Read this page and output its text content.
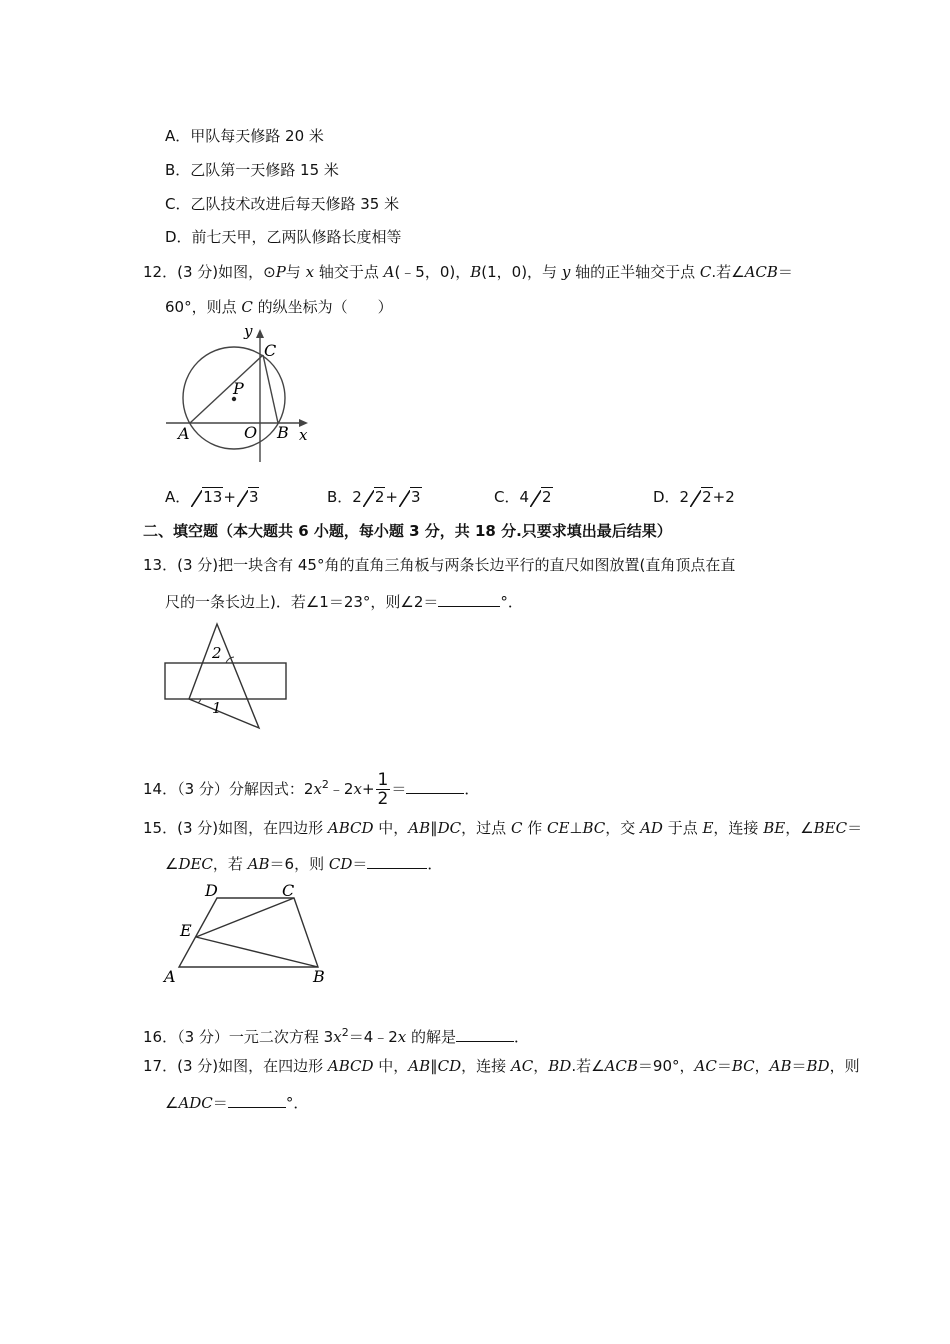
A．甲队每天修路 20 米
B．乙队第一天修路 15 米
C．乙队技术改进后每天修路 35 米
D．前七天甲，乙两队修路长度相等
12．(3 分)如图，⊙P与 x 轴交于点 A(﹣5，0)，B(1，0)，与 y 轴的正半轴交于点 C.若∠ACB＝
60°，则点 C 的纵坐标为（　　）
y
C
P
A	O B x
A． 13+ 3	B．2 2+ 3	C．4 2	D．2 2+2
二、填空题（本大题共 6 小题，每小题 3 分，共 18 分.只要求填出最后结果）
13．(3 分)把一块含有 45°角的直角三角板与两条长边平行的直尺如图放置(直角顶点在直
尺的一条长边上)．若∠1＝23°，则∠2＝	°．
2
1
14．（3 分）分解因式：$2x^2﹣2x+ \frac{1}{2}$ ＝	．
15．(3 分)如图，在四边形 ABCD 中，AB∥DC，过点 C 作 CE⊥BC，交 AD 于点 E，连接 BE，∠BEC＝
∠DEC，若 AB＝6，则 CD＝	．
D	C
E
A	B
16．（3 分）一元二次方程 $3x^2=4﹣2x$ 的解是	．
17．(3 分)如图，在四边形 ABCD 中，AB∥CD，连接 AC，BD.若∠ACB＝90°，AC＝BC，AB＝BD，则
∠ADC＝	°．
